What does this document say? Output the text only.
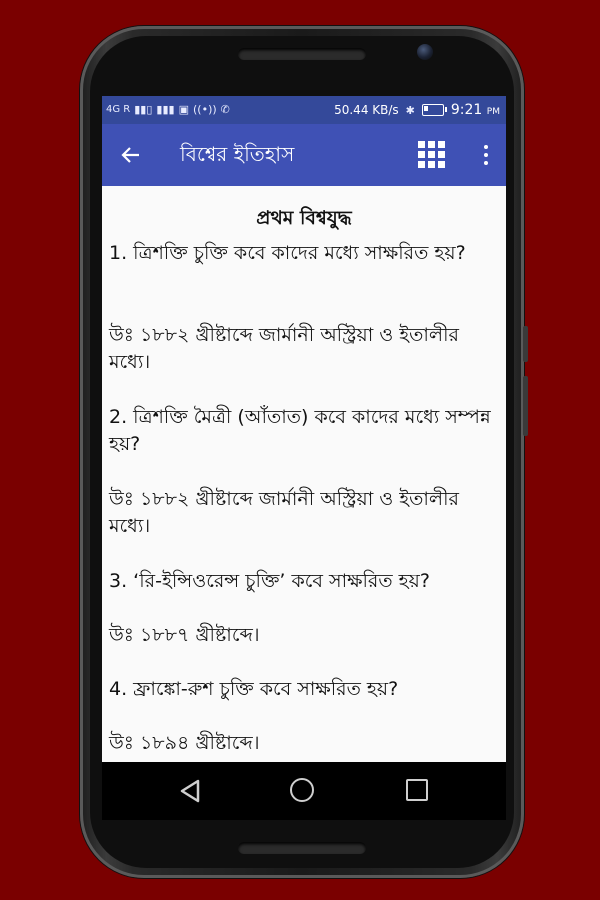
4G R ▮▮▯ ▮▮▮ ▣ ((•)) ✆	50.44 KB/s ✱	9:21 PM
বিশ্বের ইতিহাস
প্রথম বিশ্বযুদ্ধ
1. ত্রিশক্তি চুক্তি কবে কাদের মধ্যে সাক্ষরিত হয়?
উঃ ১৮৮২ খ্রীষ্টাব্দে জার্মানী অস্ট্রিয়া ও ইতালীর মধ্যে।
2. ত্রিশক্তি মৈত্রী (আঁতাত) কবে কাদের মধ্যে সম্পন্ন হয়?
উঃ ১৮৮২ খ্রীষ্টাব্দে জার্মানী অস্ট্রিয়া ও ইতালীর মধ্যে।
3. ‘রি-ইন্সিওরেন্স চুক্তি’ কবে সাক্ষরিত হয়?
উঃ ১৮৮৭ খ্রীষ্টাব্দে।
4. ফ্রাঙ্কো-রুশ চুক্তি কবে সাক্ষরিত হয়?
উঃ ১৮৯৪ খ্রীষ্টাব্দে।
